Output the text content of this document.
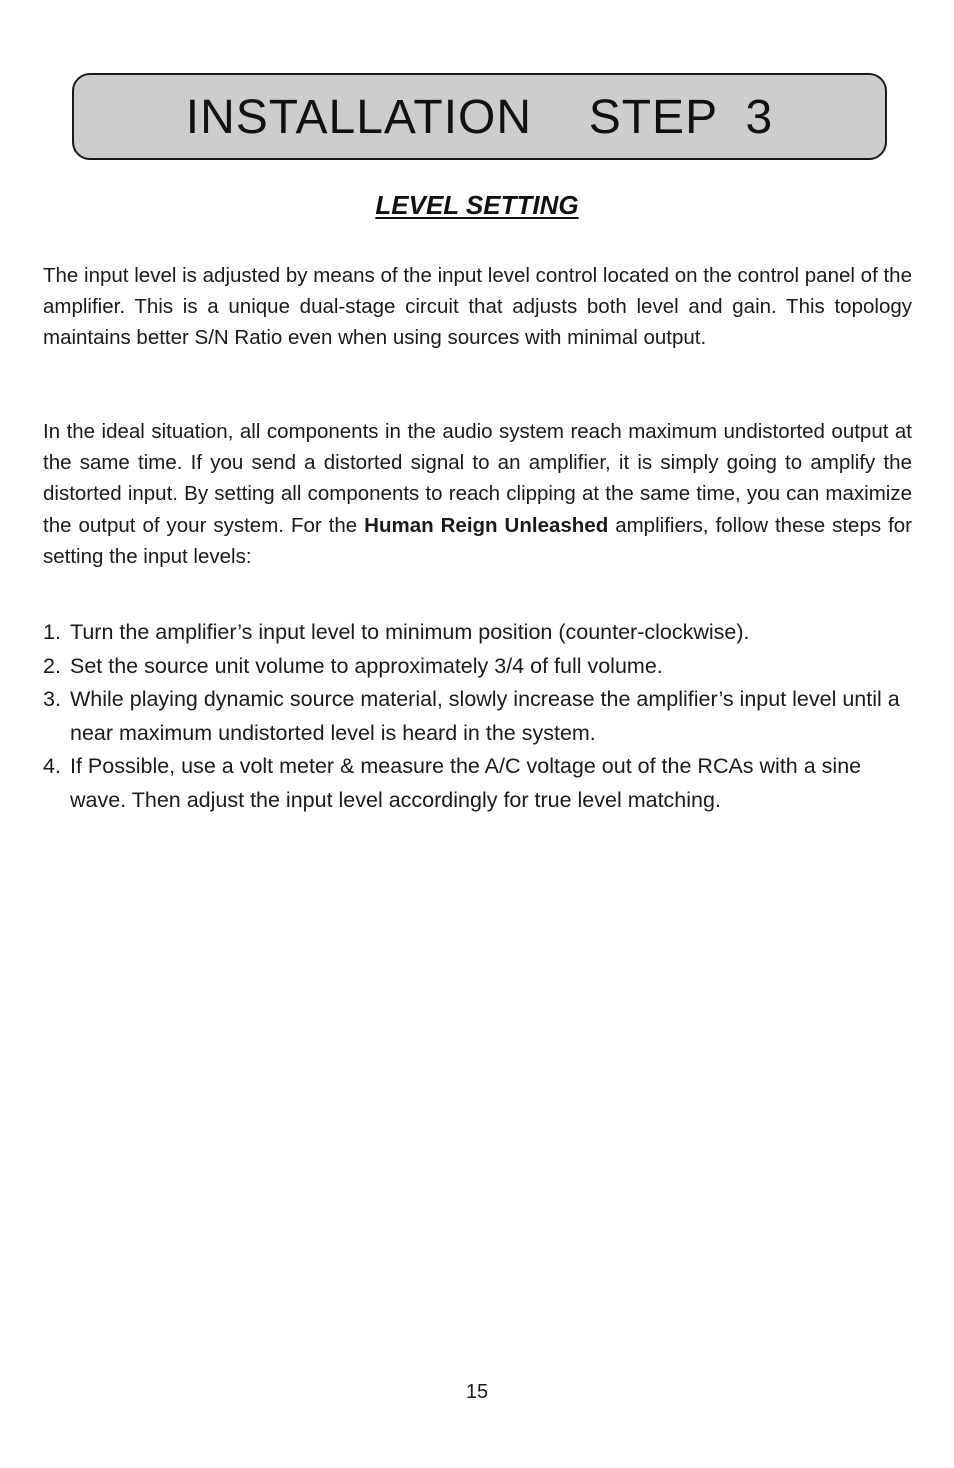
INSTALLATION  STEP 3
LEVEL SETTING

The input level is adjusted by means of the input level control located on the control panel of the amplifier. This is a unique dual-stage circuit that adjusts both level and gain. This topology maintains better S/N Ratio even when using sources with minimal output.

In the ideal situation, all components in the audio system reach maximum undistorted output at the same time. If you send a distorted signal to an amplifier, it is simply going to amplify the distorted input. By setting all components to reach clipping at the same time, you can maximize the output of your system. For the Human Reign Unleashed amplifiers, follow these steps for setting the input levels:

1. Turn the amplifier’s input level to minimum position (counter-clockwise).
2. Set the source unit volume to approximately 3/4 of full volume.
3. While playing dynamic source material, slowly increase the amplifier’s input level until a near maximum undistorted level is heard in the system.
4. If Possible, use a volt meter & measure the A/C voltage out of the RCAs with a sine wave. Then adjust the input level accordingly for true level matching.
15
